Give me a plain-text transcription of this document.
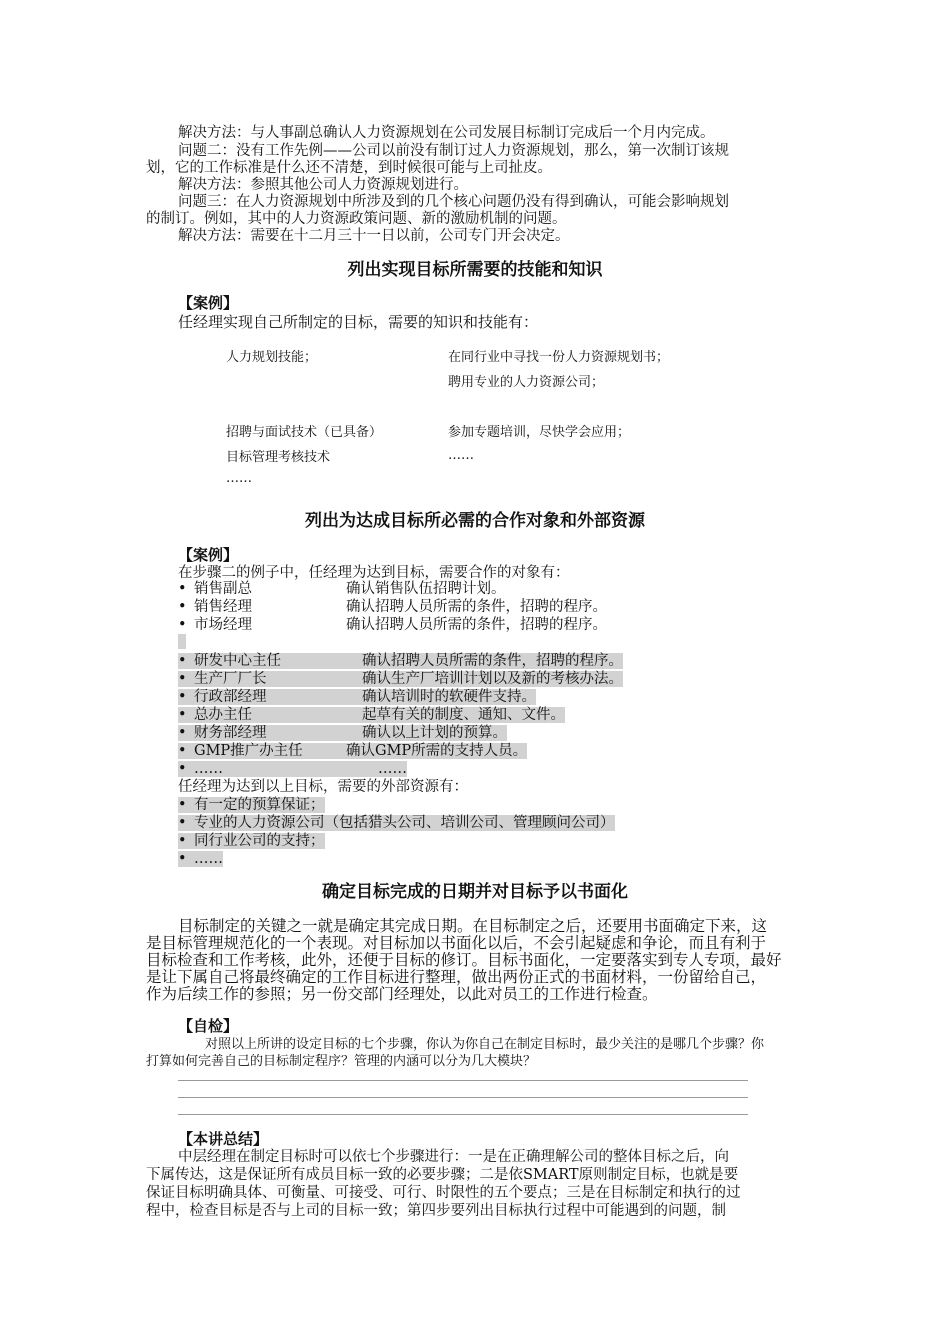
解决方法：与人事副总确认人力资源规划在公司发展目标制订完成后一个月内完成。
问题二：没有工作先例——公司以前没有制订过人力资源规划，那么，第一次制订该规
划，它的工作标准是什么还不清楚，到时候很可能与上司扯皮。
解决方法：参照其他公司人力资源规划进行。
问题三：在人力资源规划中所涉及到的几个核心问题仍没有得到确认，可能会影响规划
的制订。例如，其中的人力资源政策问题、新的激励机制的问题。
解决方法：需要在十二月三十一日以前，公司专门开会决定。
列出实现目标所需要的技能和知识
【案例】
任经理实现自己所制定的目标，需要的知识和技能有：
人力规划技能；	在同行业中寻找一份人力资源规划书；
聘用专业的人力资源公司；
招聘与面试技术（已具备）	参加专题培训，尽快学会应用；
目标管理考核技术	……
……
列出为达成目标所必需的合作对象和外部资源
【案例】
在步骤二的例子中，任经理为达到目标，需要合作的对象有：
• 销售副总	确认销售队伍招聘计划。
• 销售经理	确认招聘人员所需的条件，招聘的程序。
• 市场经理	确认招聘人员所需的条件，招聘的程序。
• 研发中心主任	确认招聘人员所需的条件，招聘的程序。
• 生产厂厂长	确认生产厂培训计划以及新的考核办法。
• 行政部经理	确认培训时的软硬件支持。
• 总办主任	起草有关的制度、通知、文件。
• 财务部经理	确认以上计划的预算。
• GMP推广办主任	确认GMP所需的支持人员。
• ……	……
任经理为达到以上目标，需要的外部资源有：
• 有一定的预算保证；
• 专业的人力资源公司（包括猎头公司、培训公司、管理顾问公司）
• 同行业公司的支持；
• ……
确定目标完成的日期并对目标予以书面化
目标制定的关键之一就是确定其完成日期。在目标制定之后，还要用书面确定下来，这
是目标管理规范化的一个表现。对目标加以书面化以后，不会引起疑虑和争论，而且有利于
目标检查和工作考核，此外，还便于目标的修订。目标书面化，一定要落实到专人专项，最好
是让下属自己将最终确定的工作目标进行整理，做出两份正式的书面材料，一份留给自己，
作为后续工作的参照；另一份交部门经理处，以此对员工的工作进行检查。
【自检】
对照以上所讲的设定目标的七个步骤，你认为你自己在制定目标时，最少关注的是哪几个步骤？你
打算如何完善自己的目标制定程序？管理的内涵可以分为几大模块？
【本讲总结】
中层经理在制定目标时可以依七个步骤进行：一是在正确理解公司的整体目标之后，向
下属传达，这是保证所有成员目标一致的必要步骤；二是依SMART原则制定目标，也就是要
保证目标明确具体、可衡量、可接受、可行、时限性的五个要点；三是在目标制定和执行的过
程中，检查目标是否与上司的目标一致；第四步要列出目标执行过程中可能遇到的问题，制
